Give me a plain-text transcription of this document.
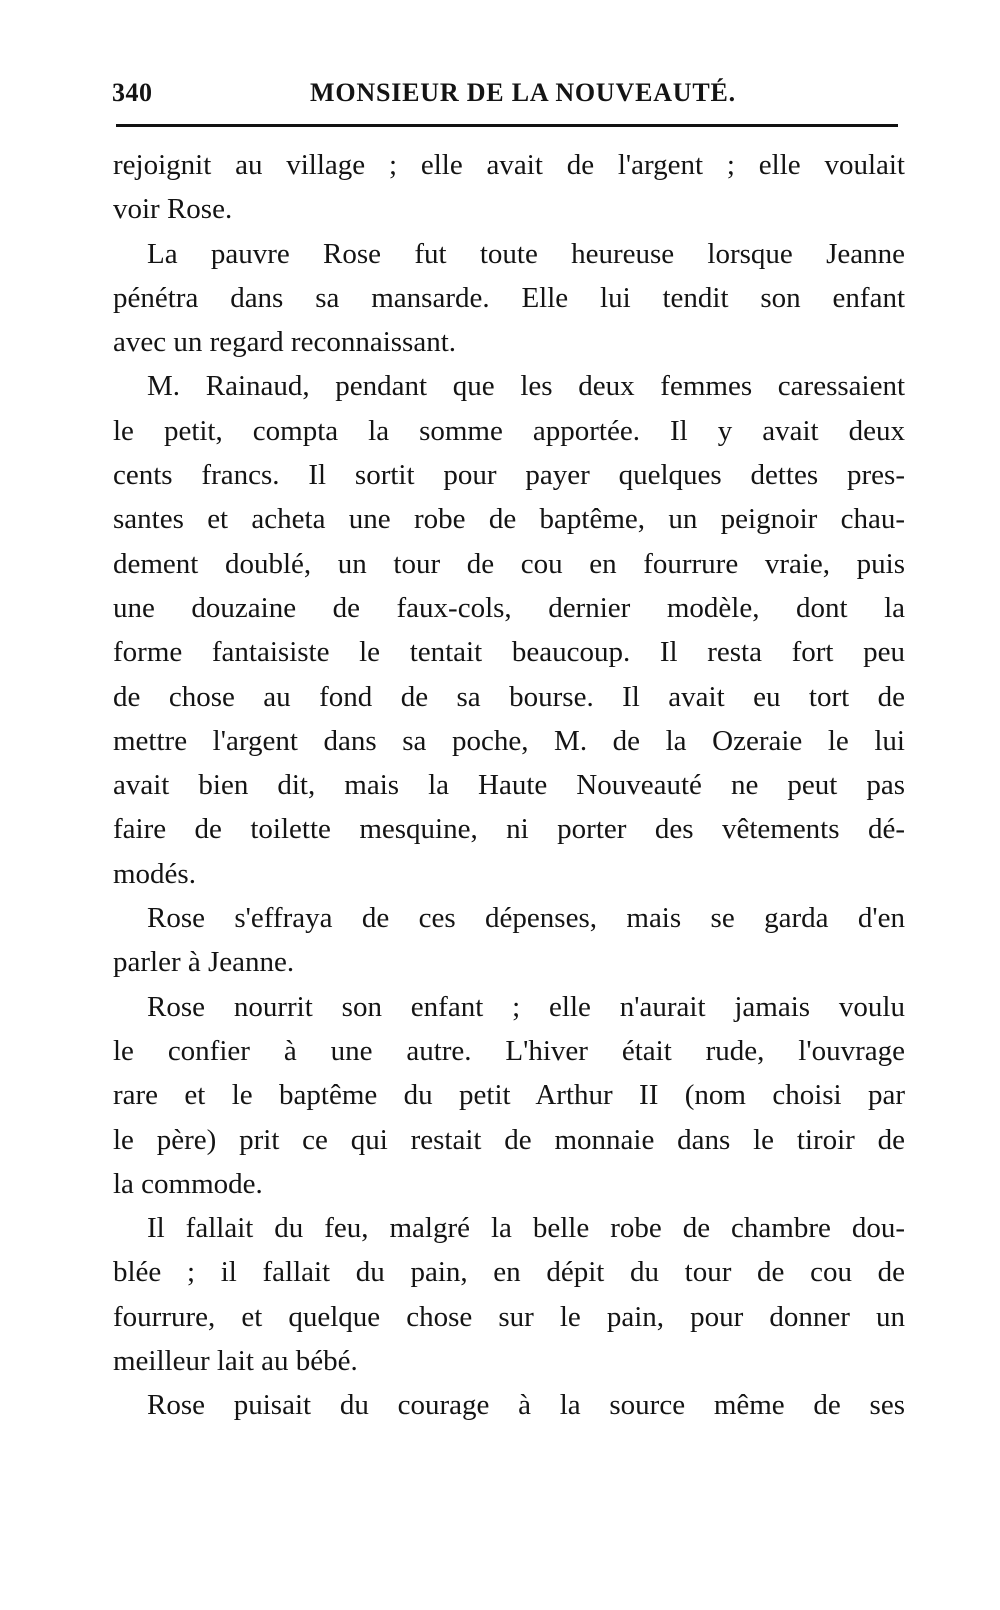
340	MONSIEUR DE LA NOUVEAUTÉ.
rejoignit au village ; elle avait de l'argent ; elle voulait
voir Rose.
La pauvre Rose fut toute heureuse lorsque Jeanne
pénétra dans sa mansarde. Elle lui tendit son enfant
avec un regard reconnaissant.
M. Rainaud, pendant que les deux femmes caressaient
le petit, compta la somme apportée. Il y avait deux
cents francs. Il sortit pour payer quelques dettes pres-
santes et acheta une robe de baptême, un peignoir chau-
dement doublé, un tour de cou en fourrure vraie, puis
une douzaine de faux-cols, dernier modèle, dont la
forme fantaisiste le tentait beaucoup. Il resta fort peu
de chose au fond de sa bourse. Il avait eu tort de
mettre l'argent dans sa poche, M. de la Ozeraie le lui
avait bien dit, mais la Haute Nouveauté ne peut pas
faire de toilette mesquine, ni porter des vêtements dé-
modés.
Rose s'effraya de ces dépenses, mais se garda d'en
parler à Jeanne.
Rose nourrit son enfant ; elle n'aurait jamais voulu
le confier à une autre. L'hiver était rude, l'ouvrage
rare et le baptême du petit Arthur II (nom choisi par
le père) prit ce qui restait de monnaie dans le tiroir de
la commode.
Il fallait du feu, malgré la belle robe de chambre dou-
blée ; il fallait du pain, en dépit du tour de cou de
fourrure, et quelque chose sur le pain, pour donner un
meilleur lait au bébé.
Rose puisait du courage à la source même de ses
